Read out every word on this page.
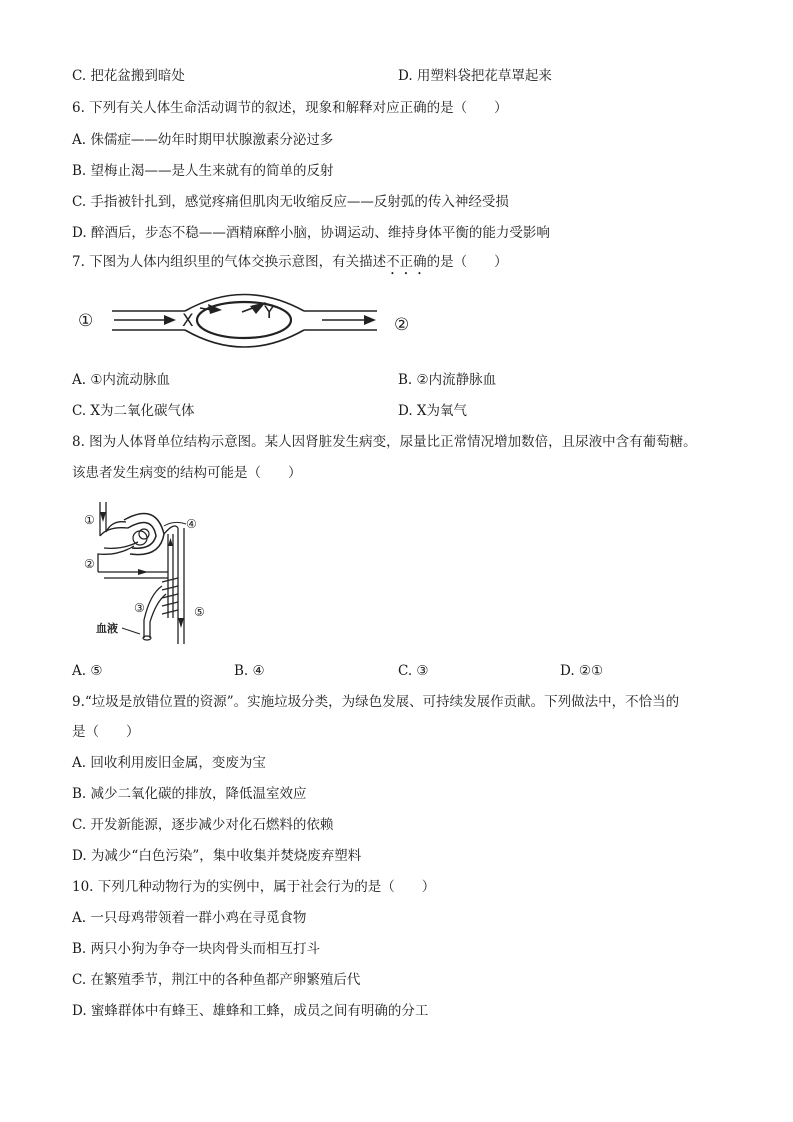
C. 把花盆搬到暗处	D. 用塑料袋把花草罩起来
6. 下列有关人体生命活动调节的叙述，现象和解释对应正确的是（　　）
A. 侏儒症——幼年时期甲状腺激素分泌过多
B. 望梅止渴——是人生来就有的简单的反射
C. 手指被针扎到，感觉疼痛但肌肉无收缩反应——反射弧的传入神经受损
D. 醉酒后，步态不稳——酒精麻醉小脑，协调运动、维持身体平衡的能力受影响
7. 下图为人体内组织里的气体交换示意图，有关描述不正确的是（　　）
①	②
X	Y
A. ①内流动脉血	B. ②内流静脉血
C. X为二氧化碳气体	D. X为氧气
8. 图为人体肾单位结构示意图。某人因肾脏发生病变，尿量比正常情况增加数倍，且尿液中含有葡萄糖。
该患者发生病变的结构可能是（　　）
①
②
③
④
⑤
血液
A. ⑤	B. ④	C. ③	D. ②①
9.“垃圾是放错位置的资源”。实施垃圾分类，为绿色发展、可持续发展作贡献。下列做法中，不恰当的
是（　　）
A. 回收利用废旧金属，变废为宝
B. 减少二氧化碳的排放，降低温室效应
C. 开发新能源，逐步减少对化石燃料的依赖
D. 为减少“白色污染”，集中收集并焚烧废弃塑料
10. 下列几种动物行为的实例中，属于社会行为的是（　　）
A. 一只母鸡带领着一群小鸡在寻觅食物
B. 两只小狗为争夺一块肉骨头而相互打斗
C. 在繁殖季节，荆江中的各种鱼都产卵繁殖后代
D. 蜜蜂群体中有蜂王、雄蜂和工蜂，成员之间有明确的分工
